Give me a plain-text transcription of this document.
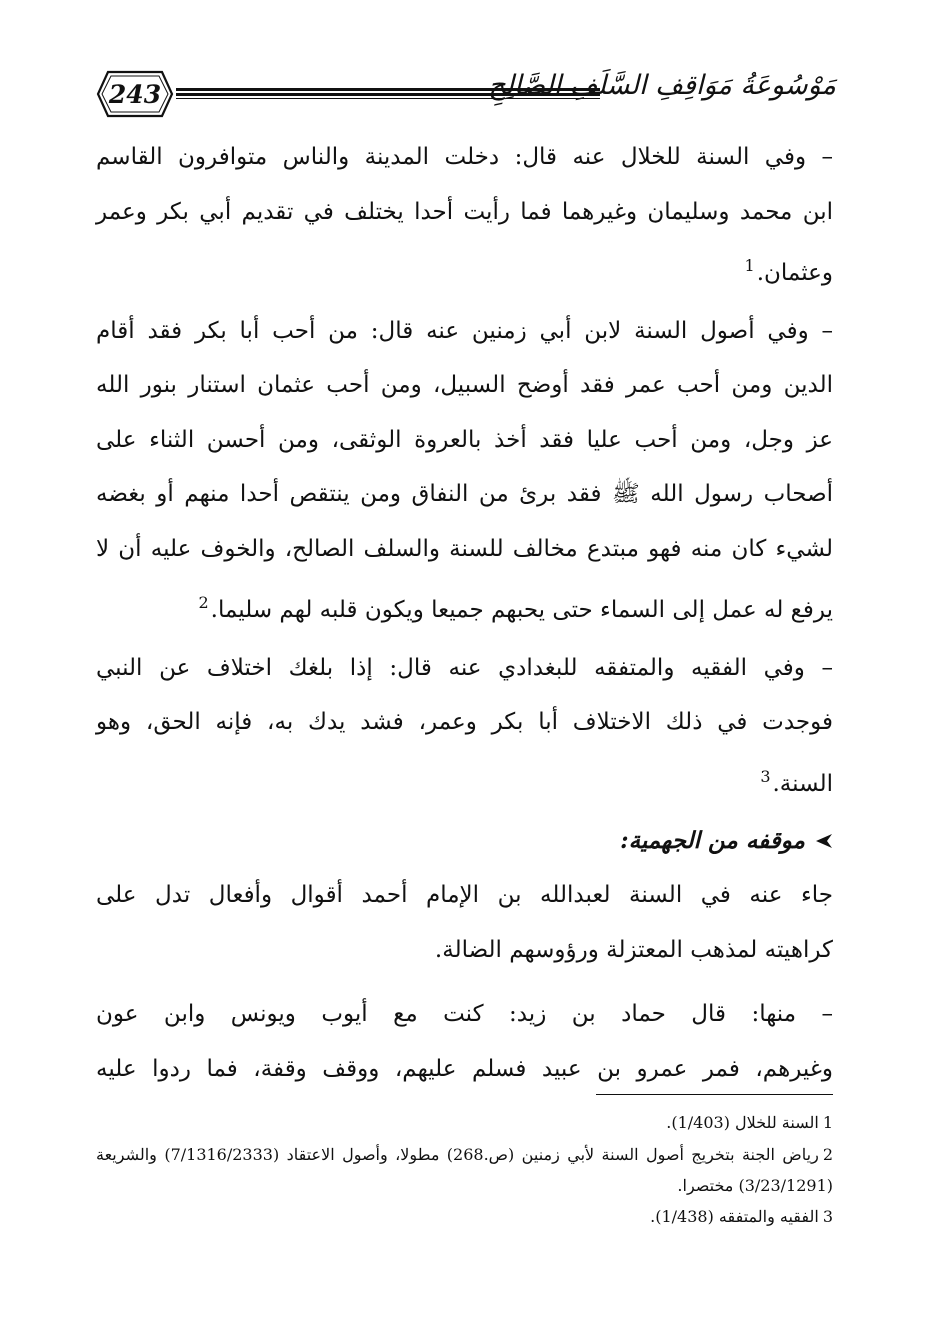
243	مَوْسُوعَةُ مَوَاقِفِ السَّلَفِ الصَّالِحِ
– وفي السنة للخلال عنه قال: دخلت المدينة والناس متوافرون القاسم
ابن محمد وسليمان وغيرهما فما رأيت أحدا يختلف في تقديم أبي بكر وعمر
وعثمان.$^1$
– وفي أصول السنة لابن أبي زمنين عنه قال: من أحب أبا بكر فقد أقام
الدين ومن أحب عمر فقد أوضح السبيل، ومن أحب عثمان استنار بنور الله
عز وجل، ومن أحب عليا فقد أخذ بالعروة الوثقى، ومن أحسن الثناء على
أصحاب رسول الله ﷺ فقد برئ من النفاق ومن ينتقص أحدا منهم أو بغضه
لشيء كان منه فهو مبتدع مخالف للسنة والسلف الصالح، والخوف عليه أن لا
يرفع له عمل إلى السماء حتى يحبهم جميعا ويكون قلبه لهم سليما.$^2$
– وفي الفقيه والمتفقه للبغدادي عنه قال: إذا بلغك اختلاف عن النبي
فوجدت في ذلك الاختلاف أبا بكر وعمر، فشد يدك به، فإنه الحق، وهو
السنة.$^3$
موقفه من الجهمية:
جاء عنه في السنة لعبدالله بن الإمام أحمد أقوال وأفعال تدل على
كراهيته لمذهب المعتزلة ورؤوسهم الضالة.
– منها: قال حماد بن زيد: كنت مع أيوب ويونس وابن عون
وغيرهم، فمر عمرو بن عبيد فسلم عليهم، ووقف وقفة، فما ردوا عليه
1السنة للخلال (1/403).
2رياض الجنة بتخريج أصول السنة لأبي زمنين (ص.268) مطولا، وأصول الاعتقاد (7/1316/2333) والشريعة
(3/23/1291) مختصرا.
3الفقيه والمتفقه (1/438).
